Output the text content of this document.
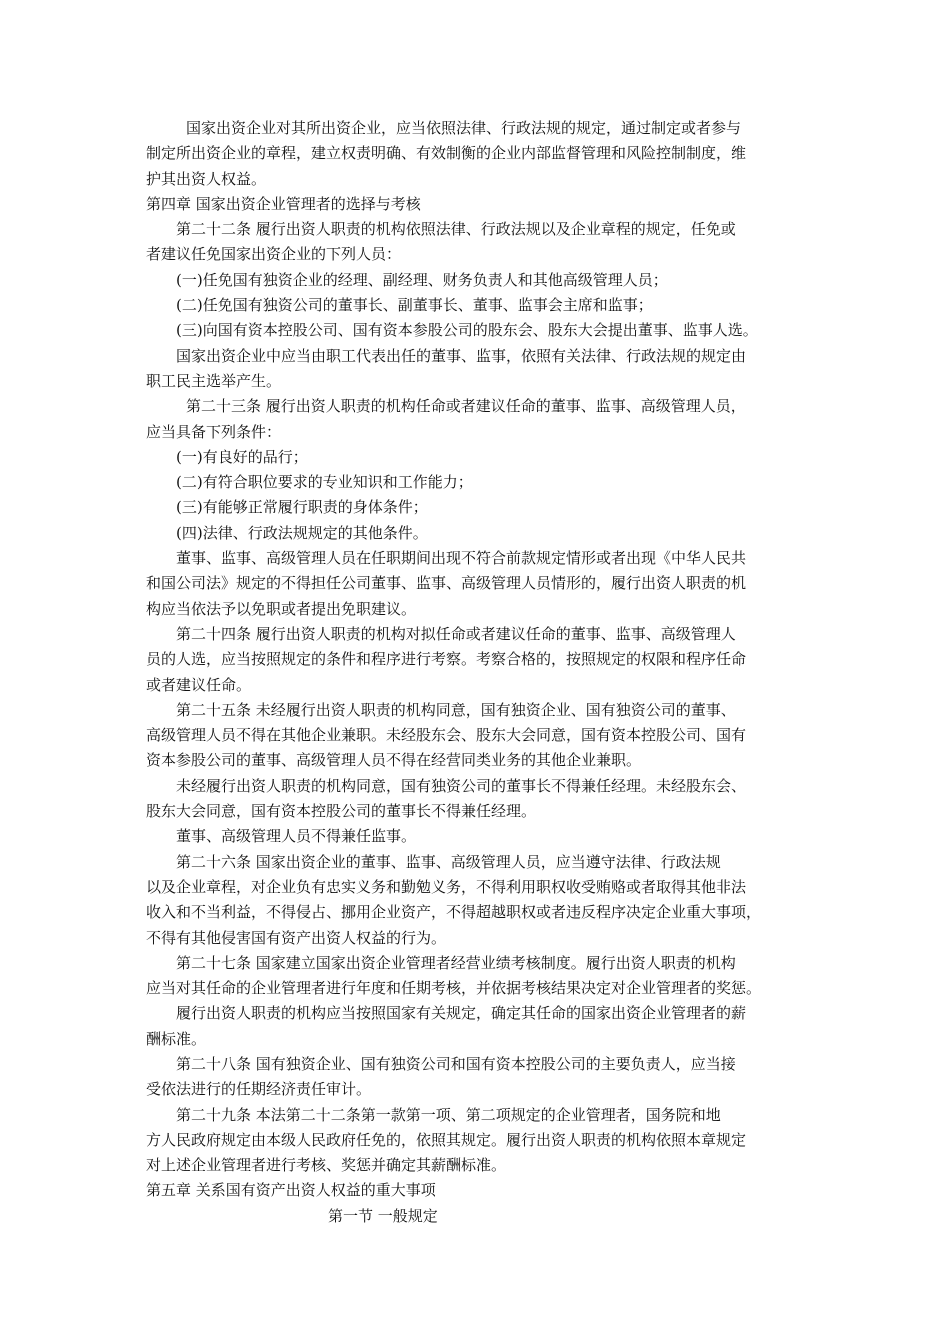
国家出资企业对其所出资企业，应当依照法律、行政法规的规定，通过制定或者参与

制定所出资企业的章程，建立权责明确、有效制衡的企业内部监督管理和风险控制制度，维

护其出资人权益。

第四章 国家出资企业管理者的选择与考核

第二十二条 履行出资人职责的机构依照法律、行政法规以及企业章程的规定，任免或

者建议任免国家出资企业的下列人员：

(一)任免国有独资企业的经理、副经理、财务负责人和其他高级管理人员；

(二)任免国有独资公司的董事长、副董事长、董事、监事会主席和监事；

(三)向国有资本控股公司、国有资本参股公司的股东会、股东大会提出董事、监事人选。

国家出资企业中应当由职工代表出任的董事、监事，依照有关法律、行政法规的规定由

职工民主选举产生。

第二十三条 履行出资人职责的机构任命或者建议任命的董事、监事、高级管理人员，

应当具备下列条件：

(一)有良好的品行；

(二)有符合职位要求的专业知识和工作能力；

(三)有能够正常履行职责的身体条件；

(四)法律、行政法规规定的其他条件。

董事、监事、高级管理人员在任职期间出现不符合前款规定情形或者出现《中华人民共

和国公司法》规定的不得担任公司董事、监事、高级管理人员情形的，履行出资人职责的机

构应当依法予以免职或者提出免职建议。

第二十四条 履行出资人职责的机构对拟任命或者建议任命的董事、监事、高级管理人

员的人选，应当按照规定的条件和程序进行考察。考察合格的，按照规定的权限和程序任命

或者建议任命。

第二十五条 未经履行出资人职责的机构同意，国有独资企业、国有独资公司的董事、

高级管理人员不得在其他企业兼职。未经股东会、股东大会同意，国有资本控股公司、国有

资本参股公司的董事、高级管理人员不得在经营同类业务的其他企业兼职。

未经履行出资人职责的机构同意，国有独资公司的董事长不得兼任经理。未经股东会、

股东大会同意，国有资本控股公司的董事长不得兼任经理。

董事、高级管理人员不得兼任监事。

第二十六条 国家出资企业的董事、监事、高级管理人员，应当遵守法律、行政法规

以及企业章程，对企业负有忠实义务和勤勉义务，不得利用职权收受贿赂或者取得其他非法

收入和不当利益，不得侵占、挪用企业资产，不得超越职权或者违反程序决定企业重大事项，

不得有其他侵害国有资产出资人权益的行为。

第二十七条 国家建立国家出资企业管理者经营业绩考核制度。履行出资人职责的机构

应当对其任命的企业管理者进行年度和任期考核，并依据考核结果决定对企业管理者的奖惩。

履行出资人职责的机构应当按照国家有关规定，确定其任命的国家出资企业管理者的薪

酬标准。

第二十八条 国有独资企业、国有独资公司和国有资本控股公司的主要负责人，应当接

受依法进行的任期经济责任审计。

第二十九条 本法第二十二条第一款第一项、第二项规定的企业管理者，国务院和地

方人民政府规定由本级人民政府任免的，依照其规定。履行出资人职责的机构依照本章规定

对上述企业管理者进行考核、奖惩并确定其薪酬标准。

第五章 关系国有资产出资人权益的重大事项

第一节 一般规定
